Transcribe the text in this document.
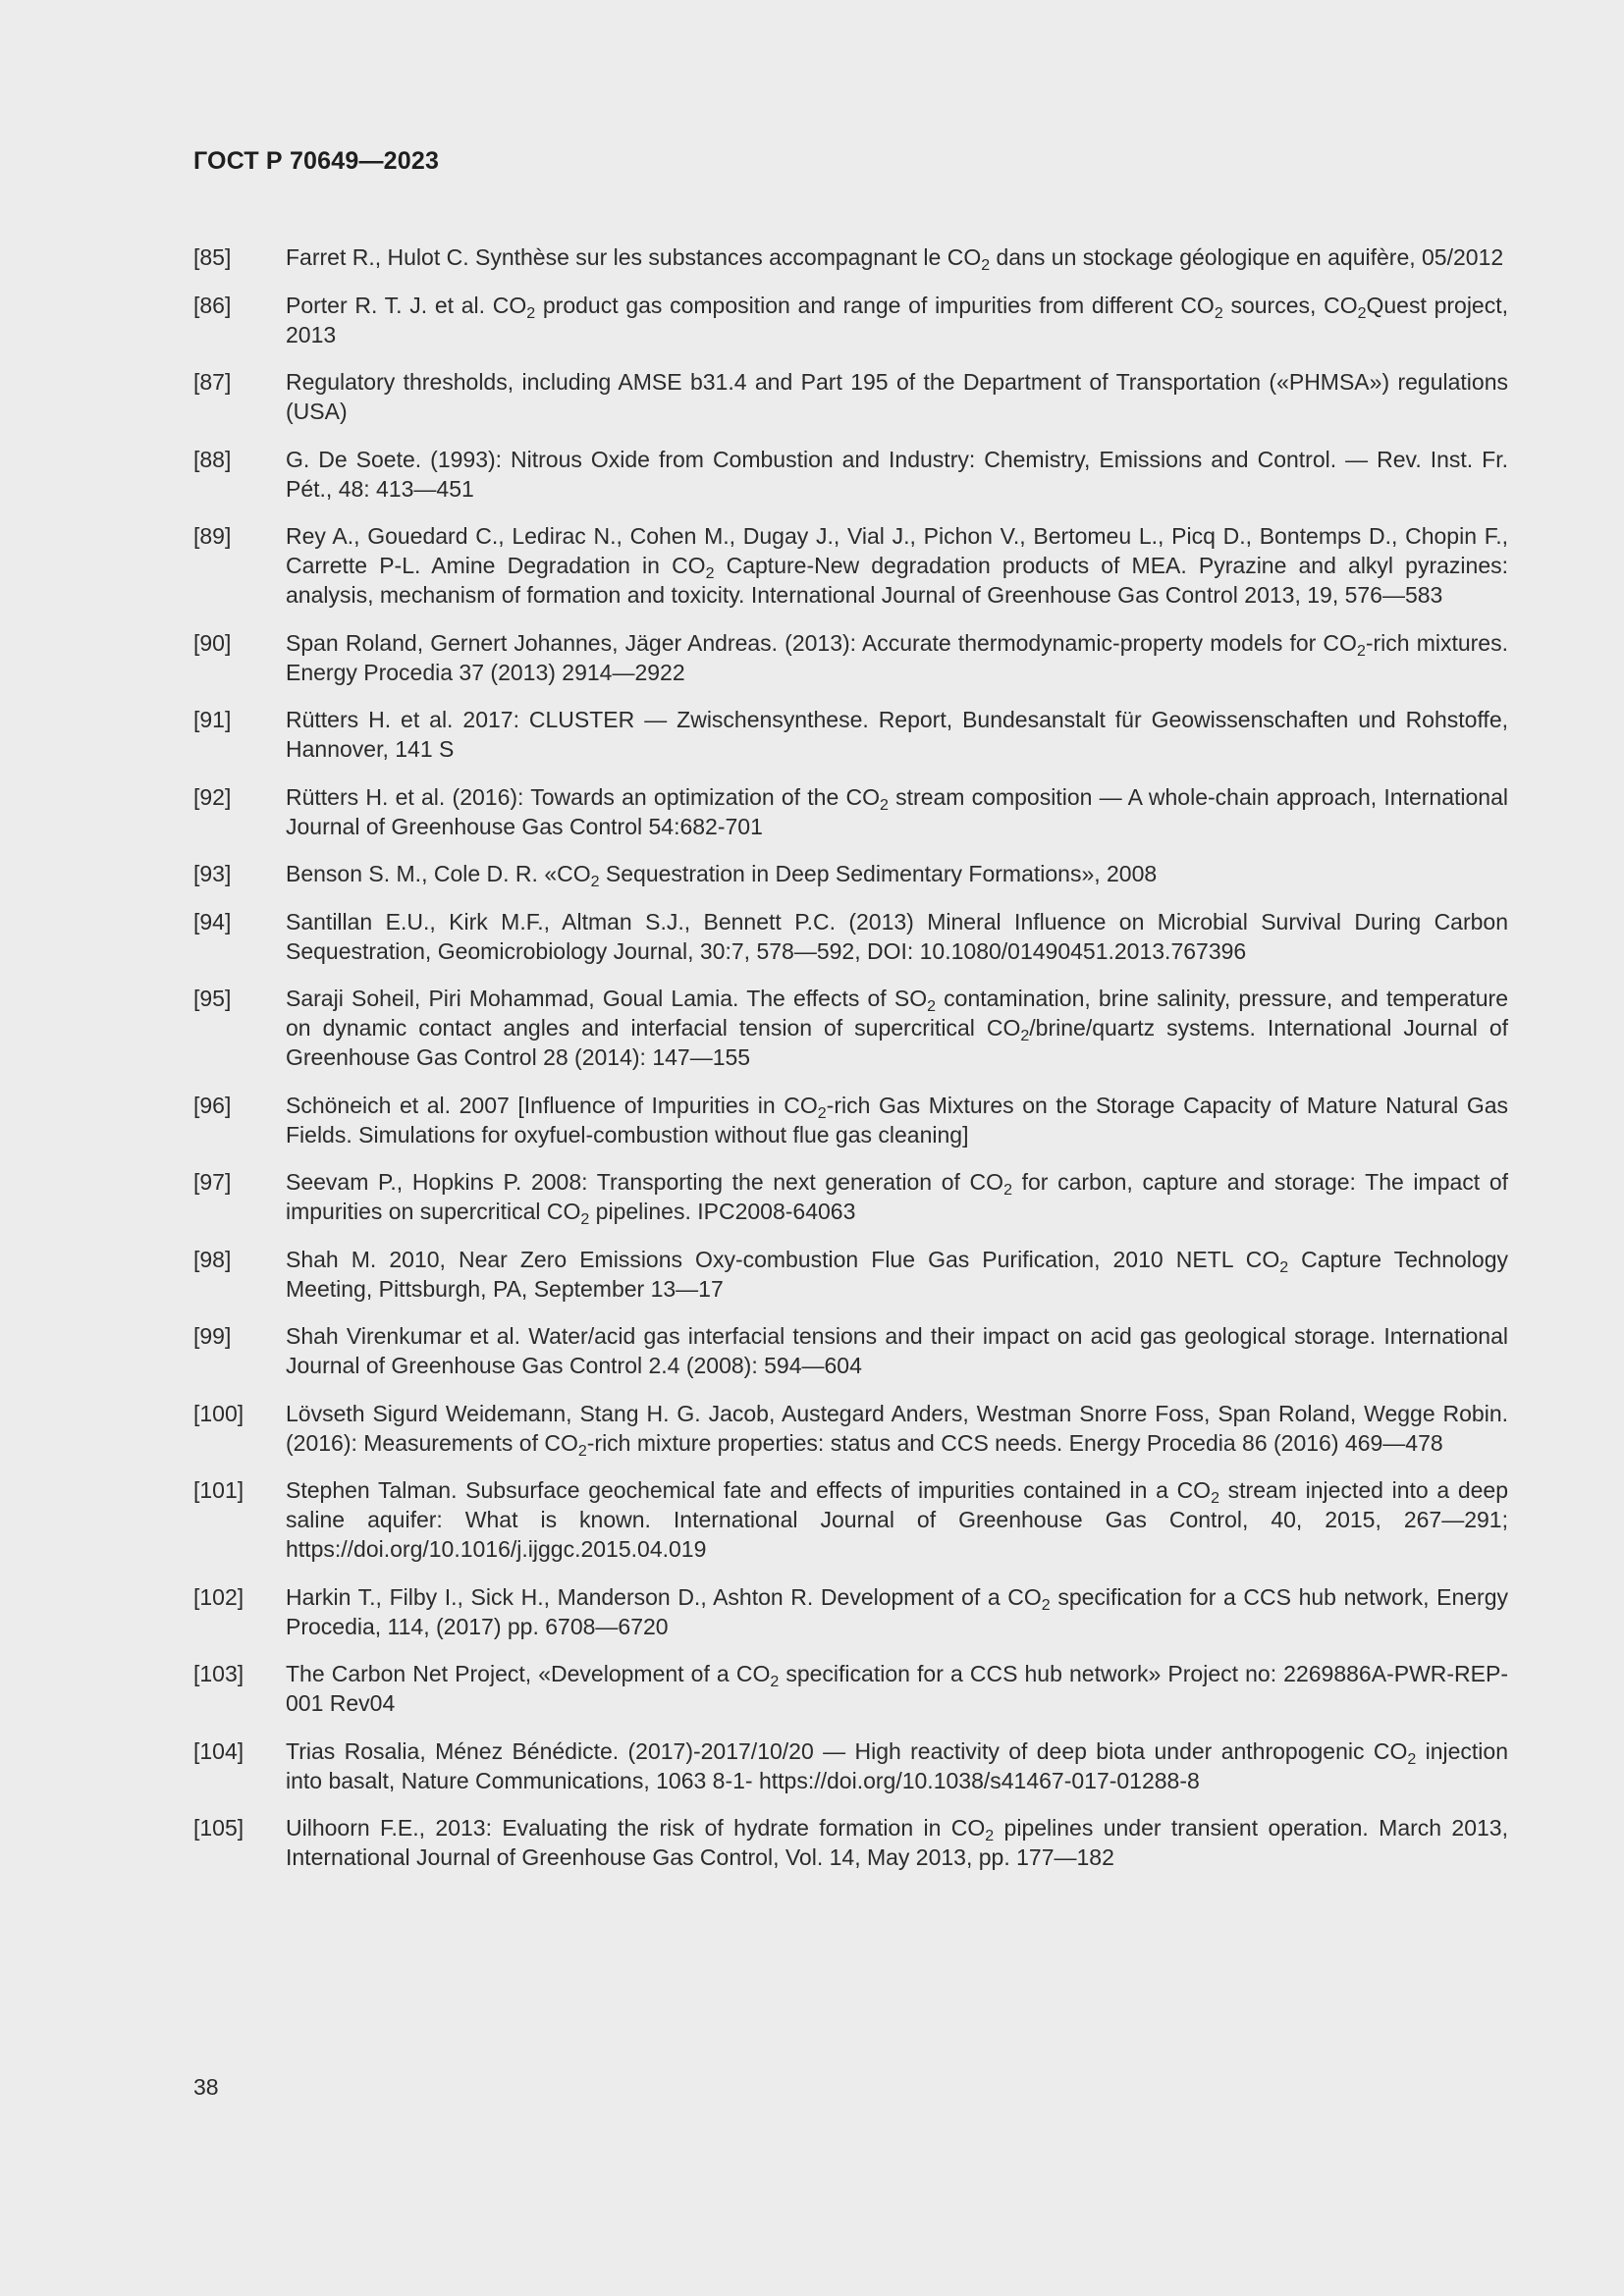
ГОСТ Р 70649—2023
[85]	Farret R., Hulot C. Synthèse sur les substances accompagnant le $CO_2$ dans un stockage géologique en aquifère, 05/2012
[86]	Porter R. T. J. et al. $CO_2$ product gas composition and range of impurities from different $CO_2$ sources, $CO_2Quest$ project, 2013
[87]	Regulatory thresholds, including AMSE b31.4 and Part 195 of the Department of Transportation («PHMSA») regulations (USA)
[88]	G. De Soete. (1993): Nitrous Oxide from Combustion and Industry: Chemistry, Emissions and Control. — Rev. Inst. Fr. Pét., 48: 413—451
[89]	Rey A., Gouedard C., Ledirac N., Cohen M., Dugay J., Vial J., Pichon V., Bertomeu L., Picq D., Bontemps D., Chopin F., Carrette P-L. Amine Degradation in $CO_2$ Capture-New degradation products of MEA. Pyrazine and alkyl pyrazines: analysis, mechanism of formation and toxicity. International Journal of Greenhouse Gas Control 2013, 19, 576—583
[90]	Span Roland, Gernert Johannes, Jäger Andreas. (2013): Accurate thermodynamic-property models for $CO_2$-rich mixtures. Energy Procedia 37 (2013) 2914—2922
[91]	Rütters H. et al. 2017: CLUSTER — Zwischensynthese. Report, Bundesanstalt für Geowissenschaften und Rohstoffe, Hannover, 141 S
[92]	Rütters H. et al. (2016): Towards an optimization of the $CO_2$ stream composition — A whole-chain approach, International Journal of Greenhouse Gas Control 54:682-701
[93]	Benson S. M., Cole D. R. «$CO_2$ Sequestration in Deep Sedimentary Formations», 2008
[94]	Santillan E.U., Kirk M.F., Altman S.J., Bennett P.C. (2013) Mineral Influence on Microbial Survival During Carbon Sequestration, Geomicrobiology Journal, 30:7, 578—592, DOI: 10.1080/01490451.2013.767396
[95]	Saraji Soheil, Piri Mohammad, Goual Lamia. The effects of $SO_2$ contamination, brine salinity, pressure, and temperature on dynamic contact angles and interfacial tension of supercritical $CO_2/brine$/quartz systems. International Journal of Greenhouse Gas Control 28 (2014): 147—155
[96]	Schöneich et al. 2007 [Influence of Impurities in $CO_2$-rich Gas Mixtures on the Storage Capacity of Mature Natural Gas Fields. Simulations for oxyfuel-combustion without flue gas cleaning]
[97]	Seevam P., Hopkins P. 2008: Transporting the next generation of $CO_2$ for carbon, capture and storage: The impact of impurities on supercritical $CO_2$ pipelines. IPC2008-64063
[98]	Shah M. 2010, Near Zero Emissions Oxy-combustion Flue Gas Purification, 2010 NETL $CO_2$ Capture Technology Meeting, Pittsburgh, PA, September 13—17
[99]	Shah Virenkumar et al. Water/acid gas interfacial tensions and their impact on acid gas geological storage. International Journal of Greenhouse Gas Control 2.4 (2008): 594—604
[100]	Lövseth Sigurd Weidemann, Stang H. G. Jacob, Austegard Anders, Westman Snorre Foss, Span Roland, Wegge Robin. (2016): Measurements of $CO_2$-rich mixture properties: status and CCS needs. Energy Procedia 86 (2016) 469—478
[101]	Stephen Talman. Subsurface geochemical fate and effects of impurities contained in a $CO_2$ stream injected into a deep saline aquifer: What is known. International Journal of Greenhouse Gas Control, 40, 2015, 267—291; https://doi.org/10.1016/j.ijggc.2015.04.019
[102]	Harkin T., Filby I., Sick H., Manderson D., Ashton R. Development of a $CO_2$ specification for a CCS hub network, Energy Procedia, 114, (2017) pp. 6708—6720
[103]	The Carbon Net Project, «Development of a $CO_2$ specification for a CCS hub network» Project no: 2269886A-PWR-REP-001 Rev04
[104]	Trias Rosalia, Ménez Bénédicte. (2017)-2017/10/20 — High reactivity of deep biota under anthropogenic $CO_2$ injection into basalt, Nature Communications, 1063 8-1- https://doi.org/10.1038/s41467-017-01288-8
[105]	Uilhoorn F.E., 2013: Evaluating the risk of hydrate formation in $CO_2$ pipelines under transient operation. March 2013, International Journal of Greenhouse Gas Control, Vol. 14, May 2013, pp. 177—182
38
